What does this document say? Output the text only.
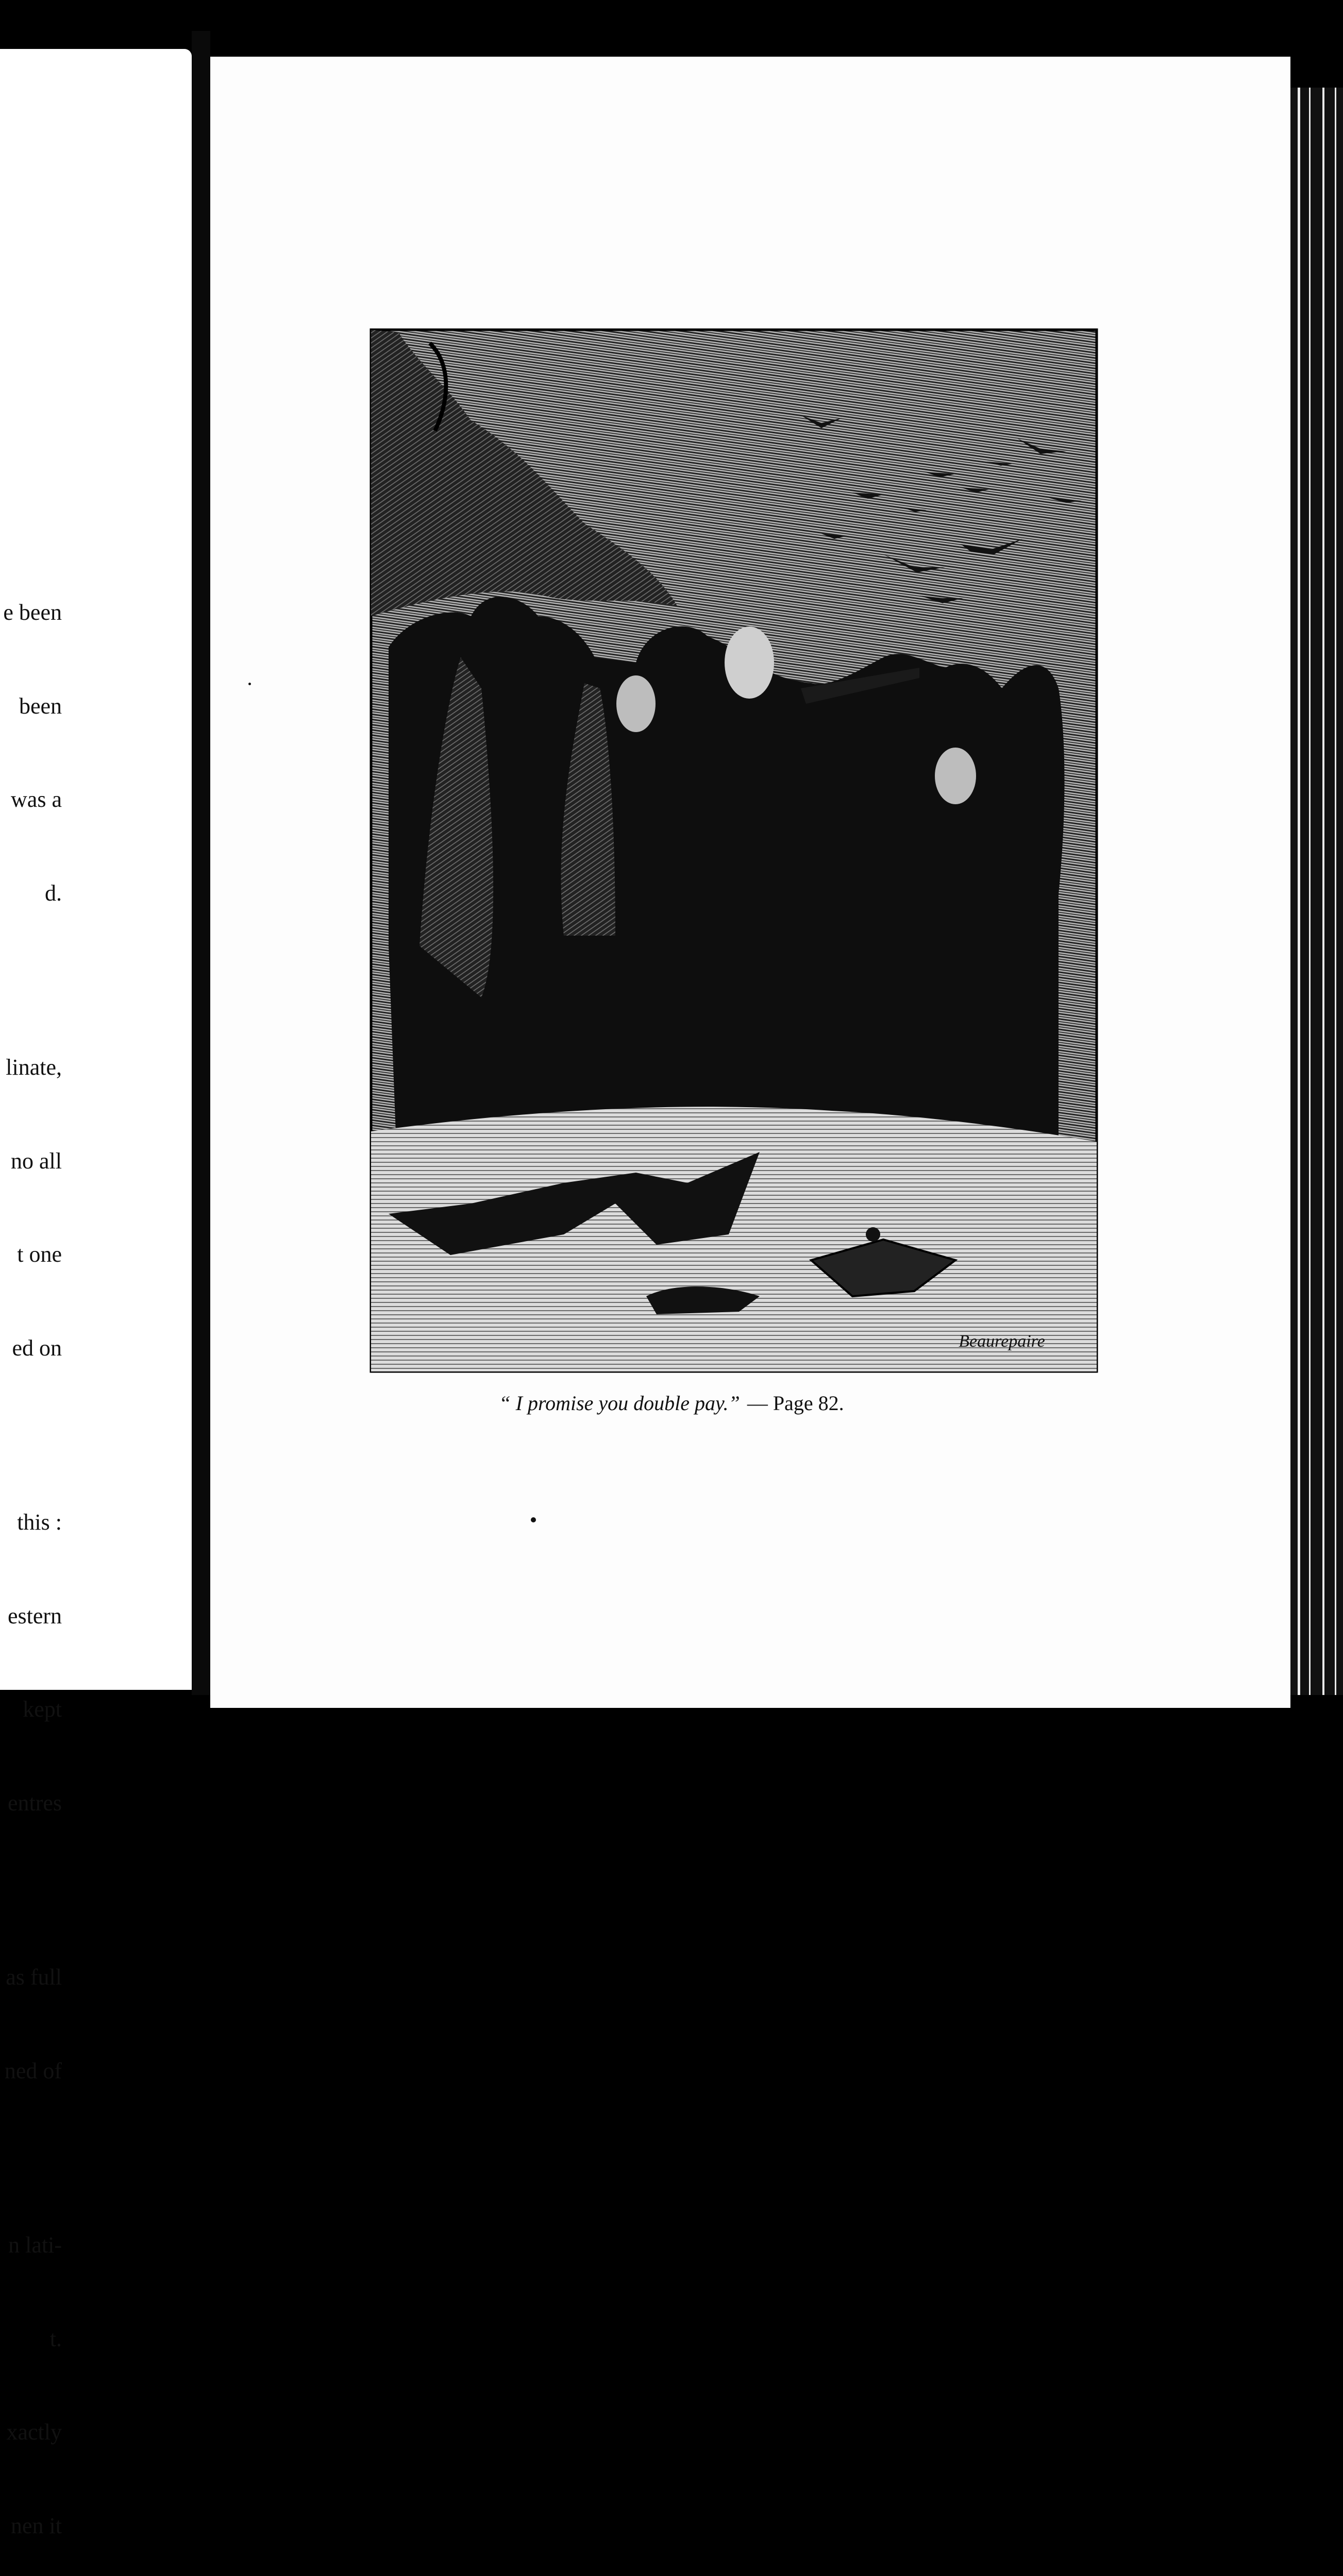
e been

been

was a

d.

linate,

no all

t one

ed on

this :

estern

kept

entres

as full

ned of

n lati-

t.

xactly

nen it

Beaurepaire
“ I promise you double pay.” — Page 82.
